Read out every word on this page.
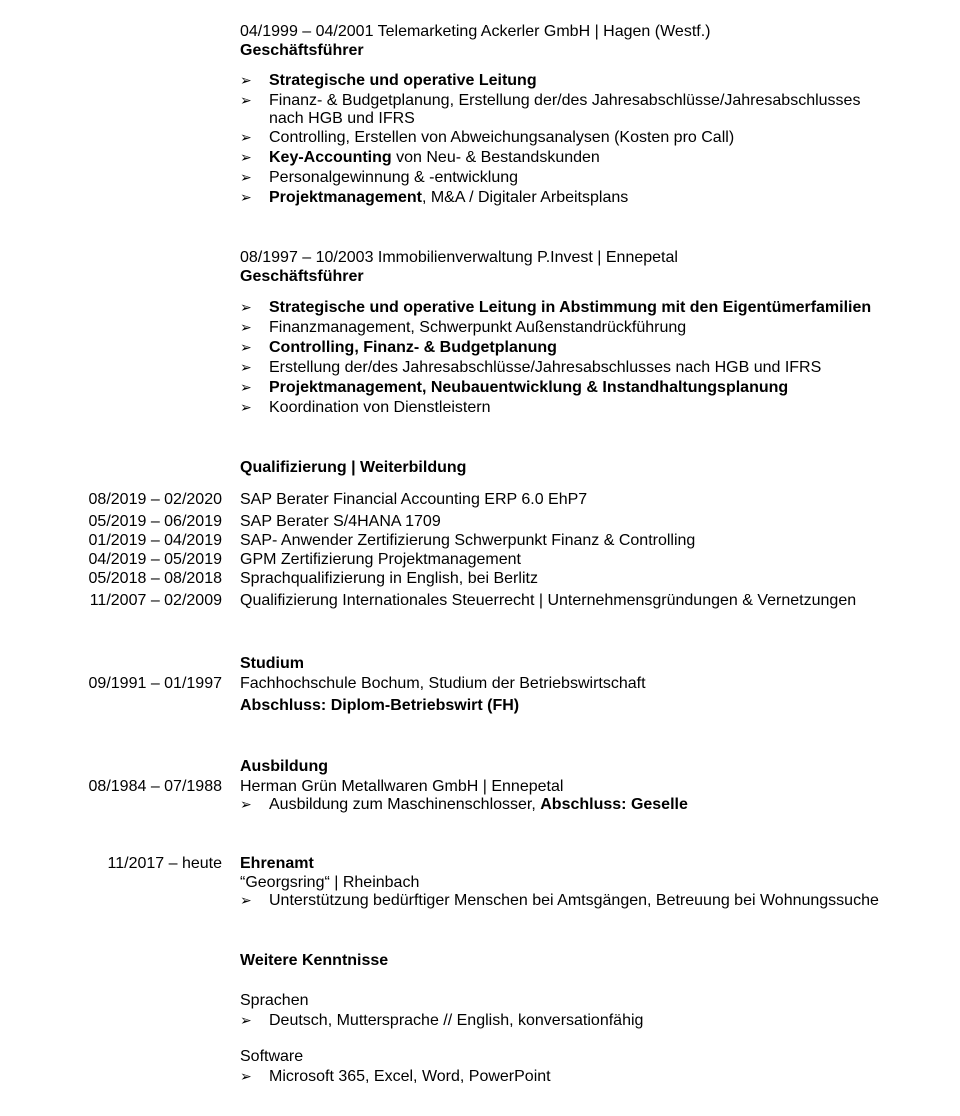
04/1999 – 04/2001 Telemarketing Ackerler GmbH | Hagen (Westf.)
Geschäftsführer
➢ Strategische und operative Leitung
➢ Finanz- & Budgetplanung, Erstellung der/des Jahresabschlüsse/Jahresabschlusses
nach HGB und IFRS
➢ Controlling, Erstellen von Abweichungsanalysen (Kosten pro Call)
➢ Key-Accounting von Neu- & Bestandskunden
➢ Personalgewinnung & -entwicklung
➢ Projektmanagement, M&A / Digitaler Arbeitsplans
08/1997 – 10/2003 Immobilienverwaltung P.Invest | Ennepetal
Geschäftsführer
➢ Strategische und operative Leitung in Abstimmung mit den Eigentümerfamilien
➢ Finanzmanagement, Schwerpunkt Außenstandrückführung
➢ Controlling, Finanz- & Budgetplanung
➢ Erstellung der/des Jahresabschlüsse/Jahresabschlusses nach HGB und IFRS
➢ Projektmanagement, Neubauentwicklung & Instandhaltungsplanung
➢ Koordination von Dienstleistern
Qualifizierung | Weiterbildung
08/2019 – 02/2020 SAP Berater Financial Accounting ERP 6.0 EhP7
05/2019 – 06/2019 SAP Berater S/4HANA 1709
01/2019 – 04/2019 SAP- Anwender Zertifizierung Schwerpunkt Finanz & Controlling
04/2019 – 05/2019 GPM Zertifizierung Projektmanagement
05/2018 – 08/2018 Sprachqualifizierung in English, bei Berlitz
11/2007 – 02/2009 Qualifizierung Internationales Steuerrecht | Unternehmensgründungen & Vernetzungen
Studium
09/1991 – 01/1997 Fachhochschule Bochum, Studium der Betriebswirtschaft
Abschluss: Diplom-Betriebswirt (FH)
Ausbildung
08/1984 – 07/1988 Herman Grün Metallwaren GmbH | Ennepetal
➢ Ausbildung zum Maschinenschlosser, Abschluss: Geselle
11/2017 – heute Ehrenamt
“Georgsring“ | Rheinbach
➢ Unterstützung bedürftiger Menschen bei Amtsgängen, Betreuung bei Wohnungssuche
Weitere Kenntnisse
Sprachen
➢ Deutsch, Muttersprache // English, konversationfähig
Software
➢ Microsoft 365, Excel, Word, PowerPoint
